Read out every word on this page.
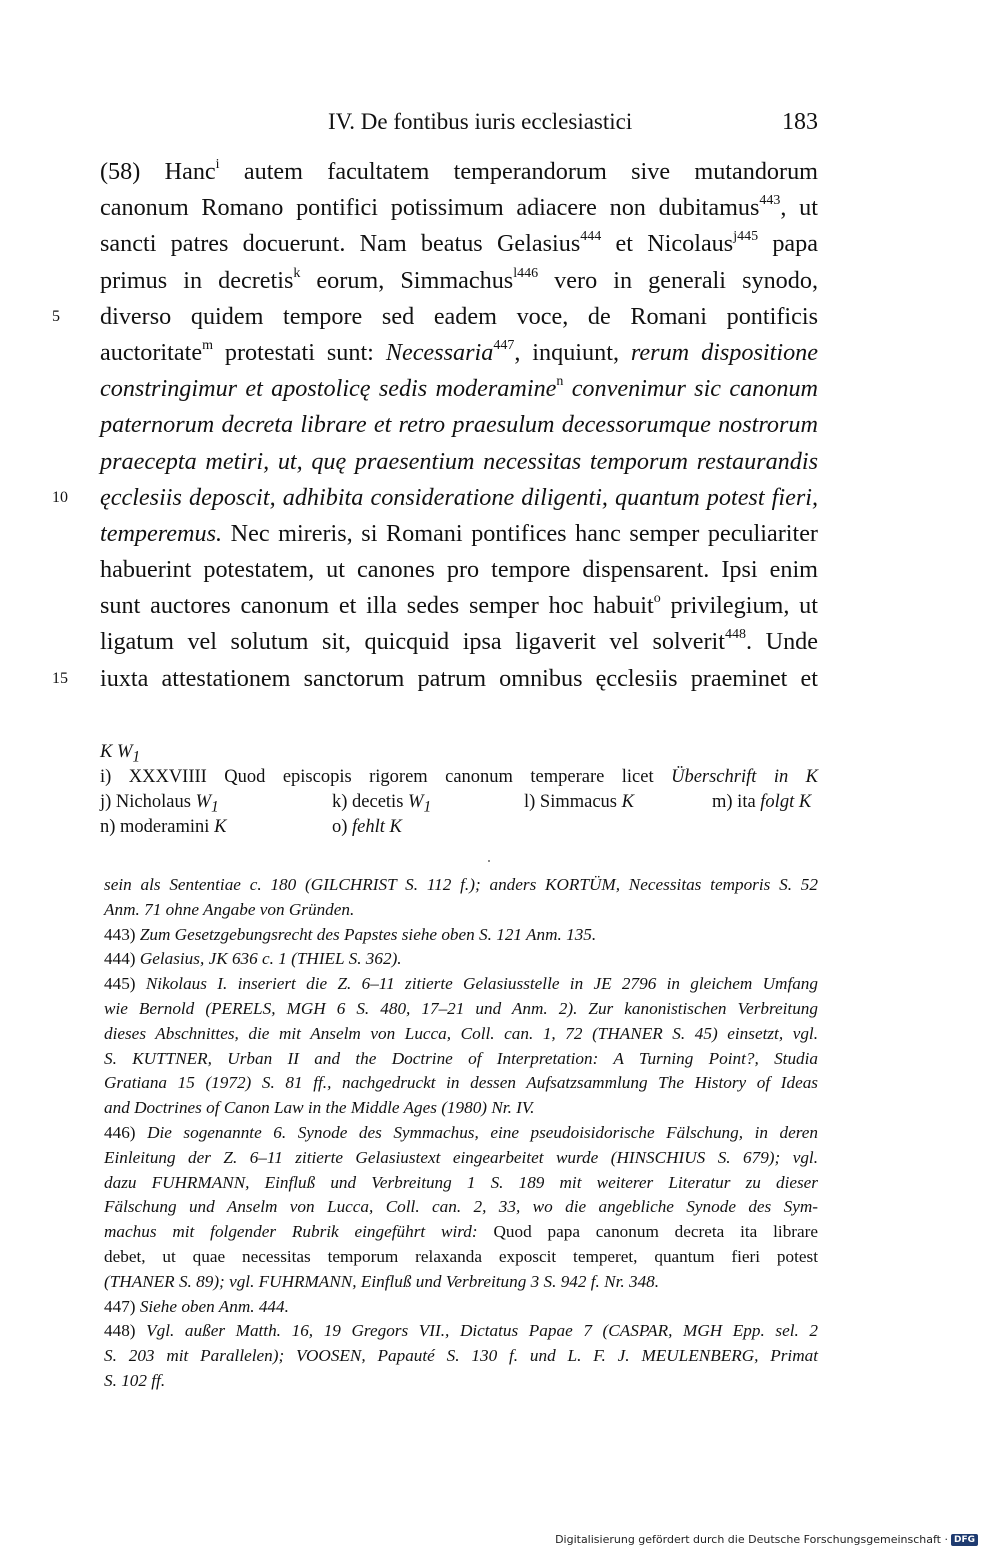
IV. De fontibus iuris ecclesiastici	183
(58) Hanc$^i$ autem facultatem temperandorum sive mutandorum
canonum Romano pontifici potissimum adiacere non dubitamus$^{443}$, ut
sancti patres docuerunt. Nam beatus Gelasius$^{444}$ et Nicolaus$^{j445}$ papa
primus in decretis$^k$ eorum, Simmachus$^{l446}$ vero in generali synodo,
5	diverso quidem tempore sed eadem voce, de Romani pontificis
auctoritate$^m$ protestati sunt: Necessaria$^{447}$, inquiunt, rerum dispositione
constringimur et apostolicę sedis moderamine$^n$ convenimur sic canonum
paternorum decreta librare et retro praesulum decessorumque nostrorum
praecepta metiri, ut, quę praesentium necessitas temporum restaurandis
10	ęcclesiis deposcit, adhibita consideratione diligenti, quantum potest fieri,
temperemus. Nec mireris, si Romani pontifices hanc semper peculiariter
habuerint potestatem, ut canones pro tempore dispensarent. Ipsi enim
sunt auctores canonum et illa sedes semper hoc habuit$^o$ privilegium, ut
ligatum vel solutum sit, quicquid ipsa ligaverit vel solverit$^{448}$. Unde
15	iuxta attestationem sanctorum patrum omnibus ęcclesiis praeminet et
K $W_1$
i) XXXVIIII Quod episcopis rigorem canonum temperare licet Überschrift in K
j) Nicholaus $W_1$	k) decetis $W_1$	l) Simmacus K	m) ita folgt K
n) moderamini K	o) fehlt K
sein als Sententiae c. 180 (GILCHRIST S. 112 f.); anders KORTÜM, Necessitas temporis S. 52
Anm. 71 ohne Angabe von Gründen.
443) Zum Gesetzgebungsrecht des Papstes siehe oben S. 121 Anm. 135.
444) Gelasius, JK 636 c. 1 (THIEL S. 362).
445) Nikolaus I. inseriert die Z. 6–11 zitierte Gelasiusstelle in JE 2796 in gleichem Umfang
wie Bernold (PERELS, MGH 6 S. 480, 17–21 und Anm. 2). Zur kanonistischen Verbreitung
dieses Abschnittes, die mit Anselm von Lucca, Coll. can. 1, 72 (THANER S. 45) einsetzt, vgl.
S. KUTTNER, Urban II and the Doctrine of Interpretation: A Turning Point?, Studia
Gratiana 15 (1972) S. 81 ff., nachgedruckt in dessen Aufsatzsammlung The History of Ideas
and Doctrines of Canon Law in the Middle Ages (1980) Nr. IV.
446) Die sogenannte 6. Synode des Symmachus, eine pseudoisidorische Fälschung, in deren
Einleitung der Z. 6–11 zitierte Gelasiustext eingearbeitet wurde (HINSCHIUS S. 679); vgl.
dazu FUHRMANN, Einfluß und Verbreitung 1 S. 189 mit weiterer Literatur zu dieser
Fälschung und Anselm von Lucca, Coll. can. 2, 33, wo die angebliche Synode des Sym-
machus mit folgender Rubrik eingeführt wird: Quod papa canonum decreta ita librare
debet, ut quae necessitas temporum relaxanda exposcit temperet, quantum fieri potest
(THANER S. 89); vgl. FUHRMANN, Einfluß und Verbreitung 3 S. 942 f. Nr. 348.
447) Siehe oben Anm. 444.
448) Vgl. außer Matth. 16, 19 Gregors VII., Dictatus Papae 7 (CASPAR, MGH Epp. sel. 2
S. 203 mit Parallelen); VOOSEN, Papauté S. 130 f. und L. F. J. MEULENBERG, Primat
S. 102 ff.
Digitalisierung gefördert durch die Deutsche Forschungsgemeinschaft · DFG
